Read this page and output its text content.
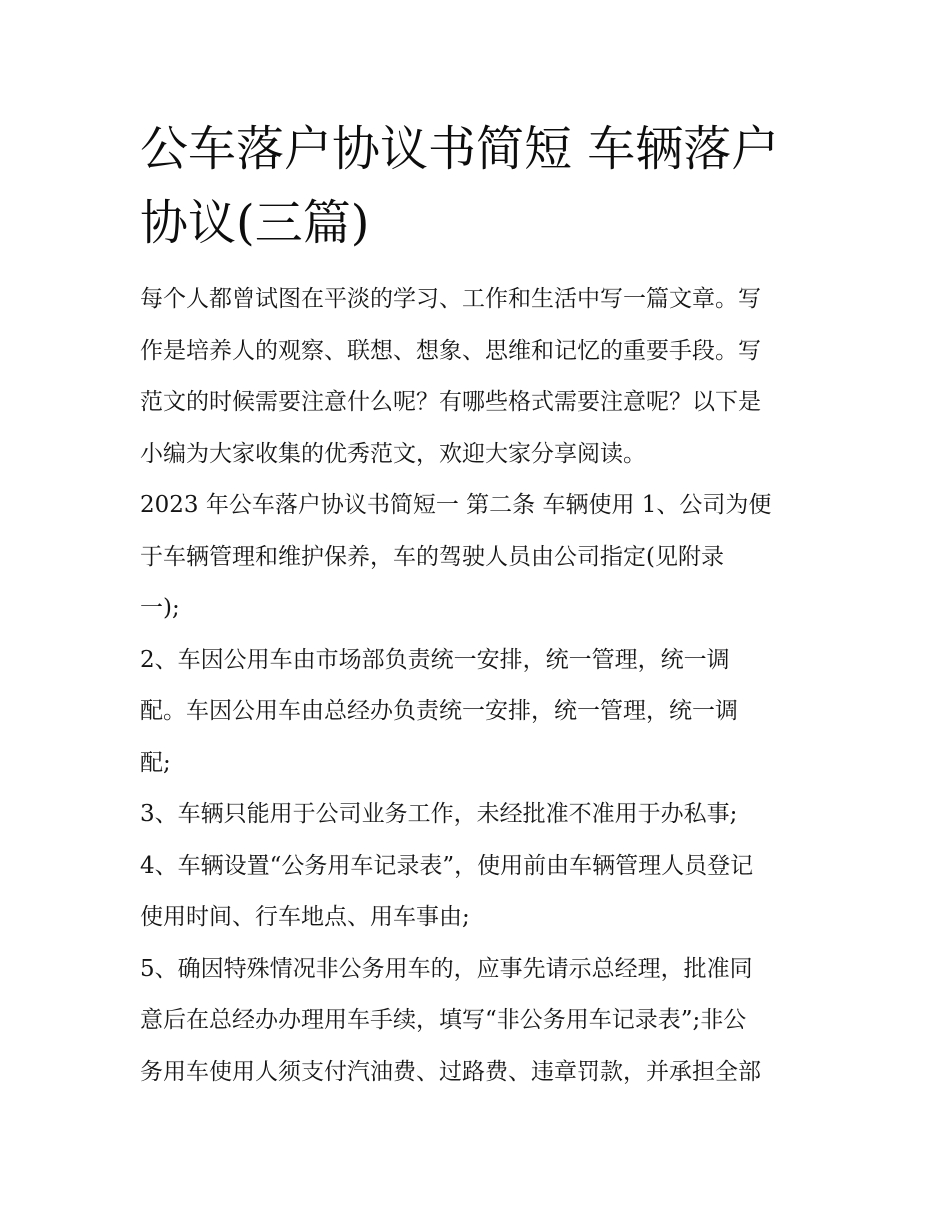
公车落户协议书简短 车辆落户
协议(三篇)
每个人都曾试图在平淡的学习、工作和生活中写一篇文章。写
作是培养人的观察、联想、想象、思维和记忆的重要手段。写
范文的时候需要注意什么呢？有哪些格式需要注意呢？以下是
小编为大家收集的优秀范文，欢迎大家分享阅读。
2023 年公车落户协议书简短一 第二条 车辆使用 1、公司为便
于车辆管理和维护保养，车的驾驶人员由公司指定(见附录
一);
2、车因公用车由市场部负责统一安排，统一管理，统一调
配。车因公用车由总经办负责统一安排，统一管理，统一调
配;
3、车辆只能用于公司业务工作，未经批准不准用于办私事;
4、车辆设置“公务用车记录表”，使用前由车辆管理人员登记
使用时间、行车地点、用车事由;
5、确因特殊情况非公务用车的，应事先请示总经理，批准同
意后在总经办办理用车手续，填写“非公务用车记录表”;非公
务用车使用人须支付汽油费、过路费、违章罚款，并承担全部
